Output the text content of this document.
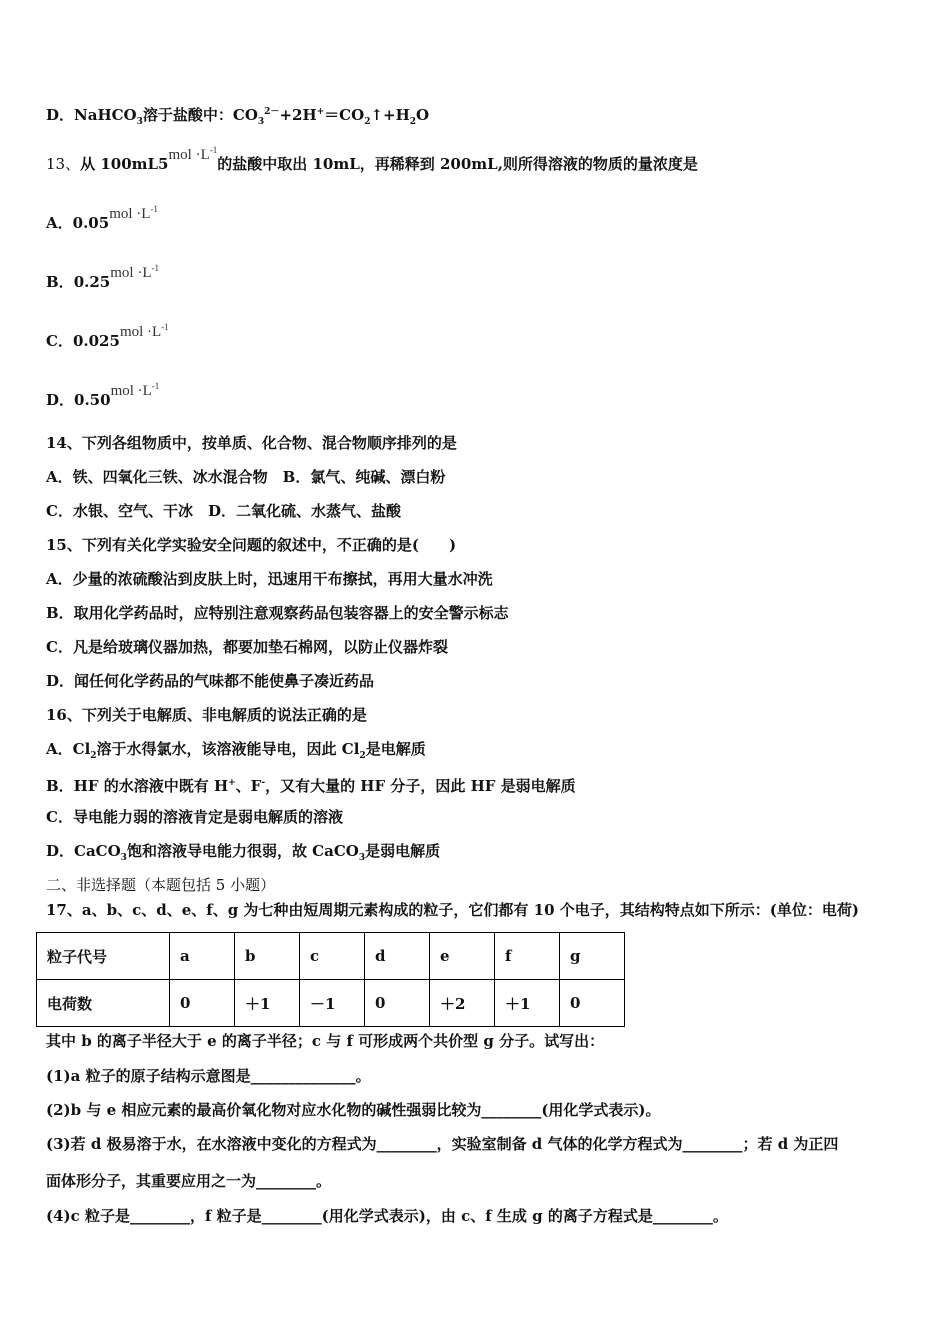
D．NaHCO$_3$溶于盐酸中：$CO_3^{2-}+2H^+=CO_2↑+H_2O$
13、从 $100mL5mol \cdot L^{-1}$的盐酸中取出 10mL，再稀释到 200mL,则所得溶液的物质的量浓度是
A．$0.05mol \cdot L^{-1}$
B．$0.25mol \cdot L^{-1}$
C．$0.025mol \cdot L^{-1}$
D．$0.50mol \cdot L^{-1}$
14、下列各组物质中，按单质、化合物、混合物顺序排列的是
A．铁、四氧化三铁、冰水混合物　B．氯气、纯碱、漂白粉
C．水银、空气、干冰　D．二氧化硫、水蒸气、盐酸
15、下列有关化学实验安全问题的叙述中，不正确的是(　　)
A．少量的浓硫酸沾到皮肤上时，迅速用干布擦拭，再用大量水冲洗
B．取用化学药品时，应特别注意观察药品包装容器上的安全警示标志
C．凡是给玻璃仪器加热，都要加垫石棉网，以防止仪器炸裂
D．闻任何化学药品的气味都不能使鼻子凑近药品
16、下列关于电解质、非电解质的说法正确的是
A．$Cl_2$溶于水得氯水，该溶液能导电，因此 $Cl_2$是电解质
B．HF 的水溶液中既有 H+、F-，又有大量的 HF 分子，因此 HF 是弱电解质
C．导电能力弱的溶液肯定是弱电解质的溶液
D．CaCO$_3$饱和溶液导电能力很弱，故 CaCO$_3$是弱电解质
二、非选择题（本题包括 5 小题）
17、a、b、c、d、e、f、g 为七种由短周期元素构成的粒子，它们都有 10 个电子，其结构特点如下所示：(单位：电荷)
粒子代号	a	b	c	d	e	f	g
电荷数	0	＋1	－1	0	＋2	＋1	0
其中 b 的离子半径大于 e 的离子半径；c 与 f 可形成两个共价型 g 分子。试写出：
(1)a 粒子的原子结构示意图是______________。
(2)b 与 e 相应元素的最高价氧化物对应水化物的碱性强弱比较为________(用化学式表示)。
(3)若 d 极易溶于水，在水溶液中变化的方程式为________，实验室制备 d 气体的化学方程式为________；若 d 为正四
面体形分子，其重要应用之一为________。
(4)c 粒子是________，f 粒子是________(用化学式表示)，由 c、f 生成 g 的离子方程式是________。
